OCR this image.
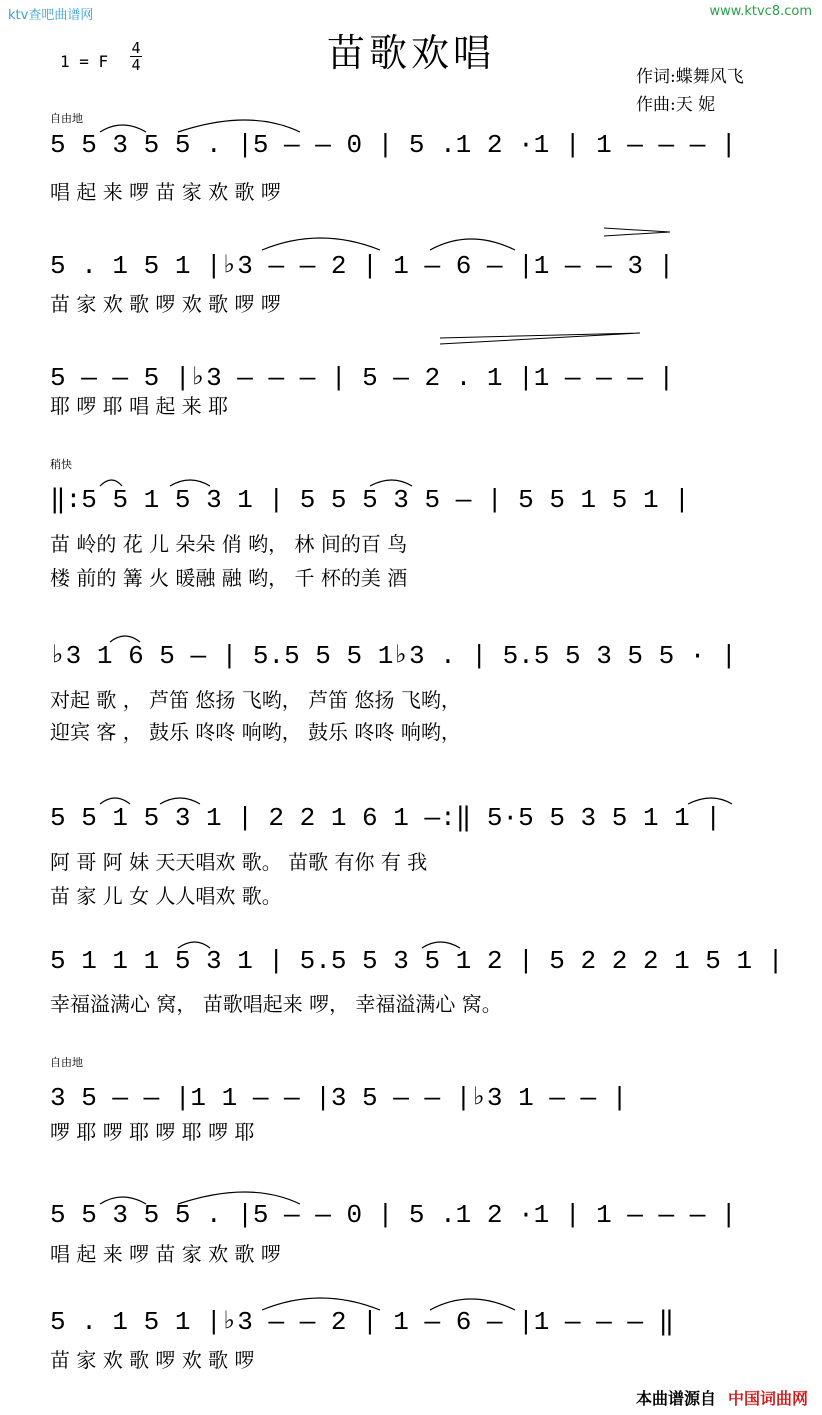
ktv查吧曲谱网	www.ktvc8.com
苗歌欢唱
1 = F
4
4
作词:蝶舞风飞
作曲:天 妮
自由地
稍快
自由地
5 5 3 5 5 . |5 — — 0 | 5 .1 2 ·1 | 1 — — — |
唱 起 来 啰 苗 家 欢 歌 啰
5 . 1 5 1 |♭3 — — 2 | 1 — 6 — |1 — — 3 |
苗 家 欢 歌 啰 欢 歌 啰 啰
5 — — 5 |♭3 — — — | 5 — 2 . 1 |1 — — — |
耶 啰 耶 唱 起 来 耶
‖:5 5 1 5 3 1 | 5 5 5 3 5 — | 5 5 1 5 1 |
苗 岭的 花 儿 朵朵 俏 哟， 林 间的百 鸟
楼 前的 篝 火 暖融 融 哟， 千 杯的美 酒
♭3 1 6 5 — | 5.5 5 5 1♭3 . | 5.5 5 3 5 5 · |
对起 歌 ， 芦笛 悠扬 飞哟， 芦笛 悠扬 飞哟，
迎宾 客 ， 鼓乐 咚咚 响哟， 鼓乐 咚咚 响哟，
5 5 1 5 3 1 | 2 2 1 6 1 —:‖ 5·5 5 3 5 1 1 |
阿 哥 阿 妹 天天唱欢 歌。 苗歌 有你 有 我
苗 家 儿 女 人人唱欢 歌。
5 1 1 1 5 3 1 | 5.5 5 3 5 1 2 | 5 2 2 2 1 5 1 |
幸福溢满心 窝， 苗歌唱起来 啰， 幸福溢满心 窝。
3 5 — — |1 1 — — |3 5 — — |♭3 1 — — |
啰 耶 啰 耶 啰 耶 啰 耶
5 5 3 5 5 . |5 — — 0 | 5 .1 2 ·1 | 1 — — — |
唱 起 来 啰 苗 家 欢 歌 啰
5 . 1 5 1 |♭3 — — 2 | 1 — 6 — |1 — — — ‖
苗 家 欢 歌 啰 欢 歌 啰
本曲谱源自 中国词曲网
